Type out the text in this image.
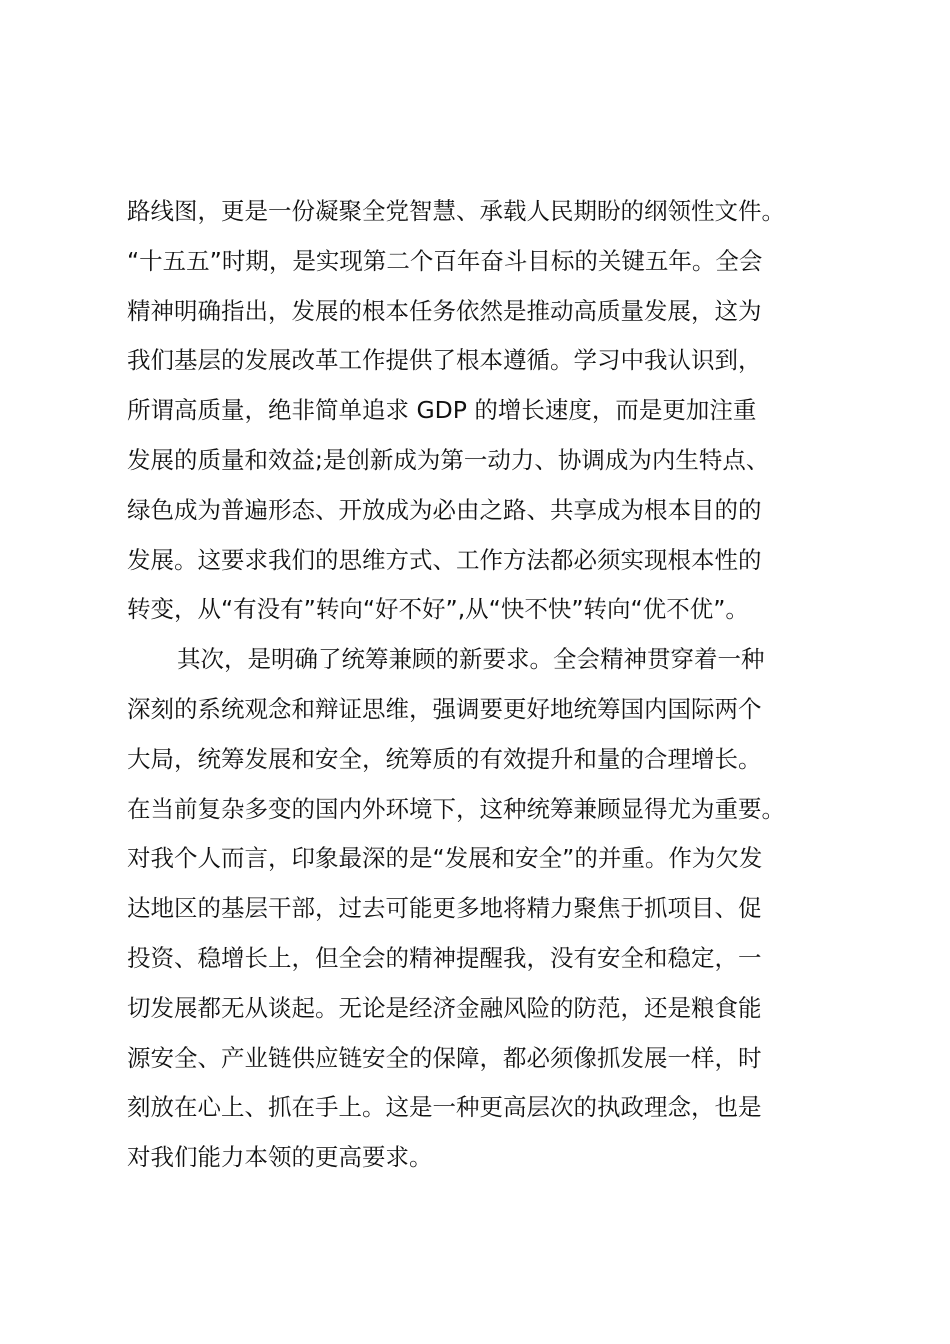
路线图，更是一份凝聚全党智慧、承载人民期盼的纲领性文件。
“十五五”时期，是实现第二个百年奋斗目标的关键五年。全会
精神明确指出，发展的根本任务依然是推动高质量发展，这为
我们基层的发展改革工作提供了根本遵循。学习中我认识到，
所谓高质量，绝非简单追求 GDP 的增长速度，而是更加注重
发展的质量和效益;是创新成为第一动力、协调成为内生特点、
绿色成为普遍形态、开放成为必由之路、共享成为根本目的的
发展。这要求我们的思维方式、工作方法都必须实现根本性的
转变，从“有没有”转向“好不好”,从“快不快”转向“优不优”。
其次，是明确了统筹兼顾的新要求。全会精神贯穿着一种
深刻的系统观念和辩证思维，强调要更好地统筹国内国际两个
大局，统筹发展和安全，统筹质的有效提升和量的合理增长。
在当前复杂多变的国内外环境下，这种统筹兼顾显得尤为重要。
对我个人而言，印象最深的是“发展和安全”的并重。作为欠发
达地区的基层干部，过去可能更多地将精力聚焦于抓项目、促
投资、稳增长上，但全会的精神提醒我，没有安全和稳定，一
切发展都无从谈起。无论是经济金融风险的防范，还是粮食能
源安全、产业链供应链安全的保障，都必须像抓发展一样，时
刻放在心上、抓在手上。这是一种更高层次的执政理念，也是
对我们能力本领的更高要求。
